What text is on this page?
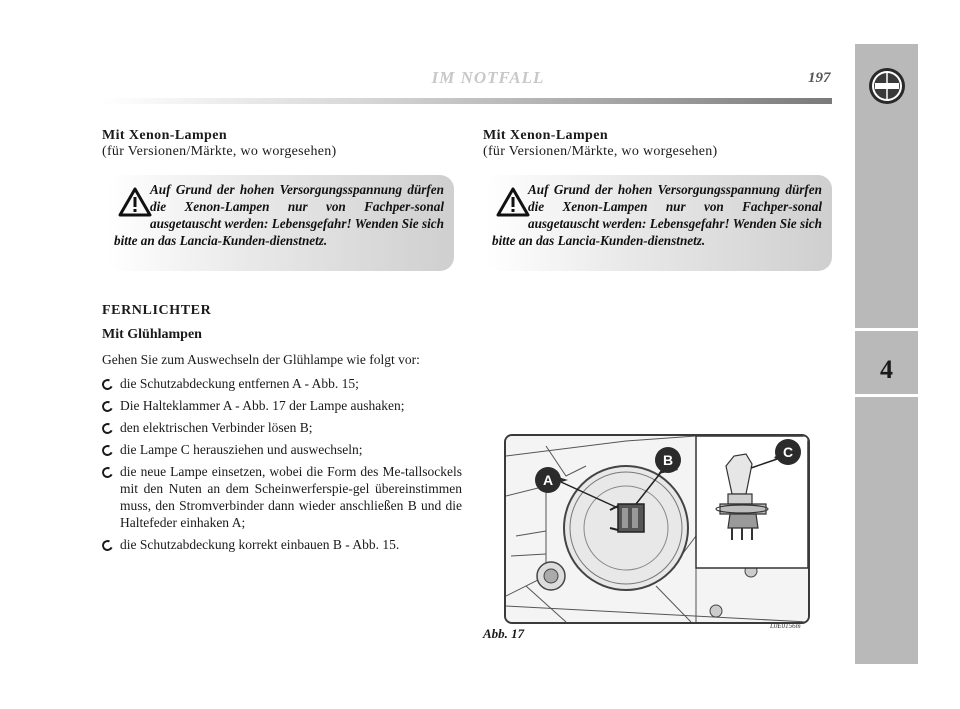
IM NOTFALL	197
4
Mit Xenon-Lampen
(für Versionen/Märkte, wo worgesehen)
Auf Grund der hohen Versorgungsspannung dürfen die Xenon-Lampen nur von Fachper-sonal ausgetauscht werden: Lebensgefahr! Wenden Sie sich bitte an das Lancia-Kunden-dienstnetz.
FERNLICHTER
Mit Glühlampen
Gehen Sie zum Auswechseln der Glühlampe wie folgt vor:
die Schutzabdeckung entfernen A - Abb. 15;
Die Halteklammer A - Abb. 17 der Lampe aushaken;
den elektrischen Verbinder lösen B;
die Lampe C herausziehen und auswechseln;
die neue Lampe einsetzen, wobei die Form des Me-tallsockels mit den Nuten an dem Scheinwerferspie-gel übereinstimmen muss, den Stromverbinder dann wieder anschließen B und die Haltefeder einhaken A;
die Schutzabdeckung korrekt einbauen B - Abb. 15.
Mit Xenon-Lampen
(für Versionen/Märkte, wo worgesehen)
Auf Grund der hohen Versorgungsspannung dürfen die Xenon-Lampen nur von Fachper-sonal ausgetauscht werden: Lebensgefahr! Wenden Sie sich bitte an das Lancia-Kunden-dienstnetz.
A
B	C
Abb. 17	L0E0156m
